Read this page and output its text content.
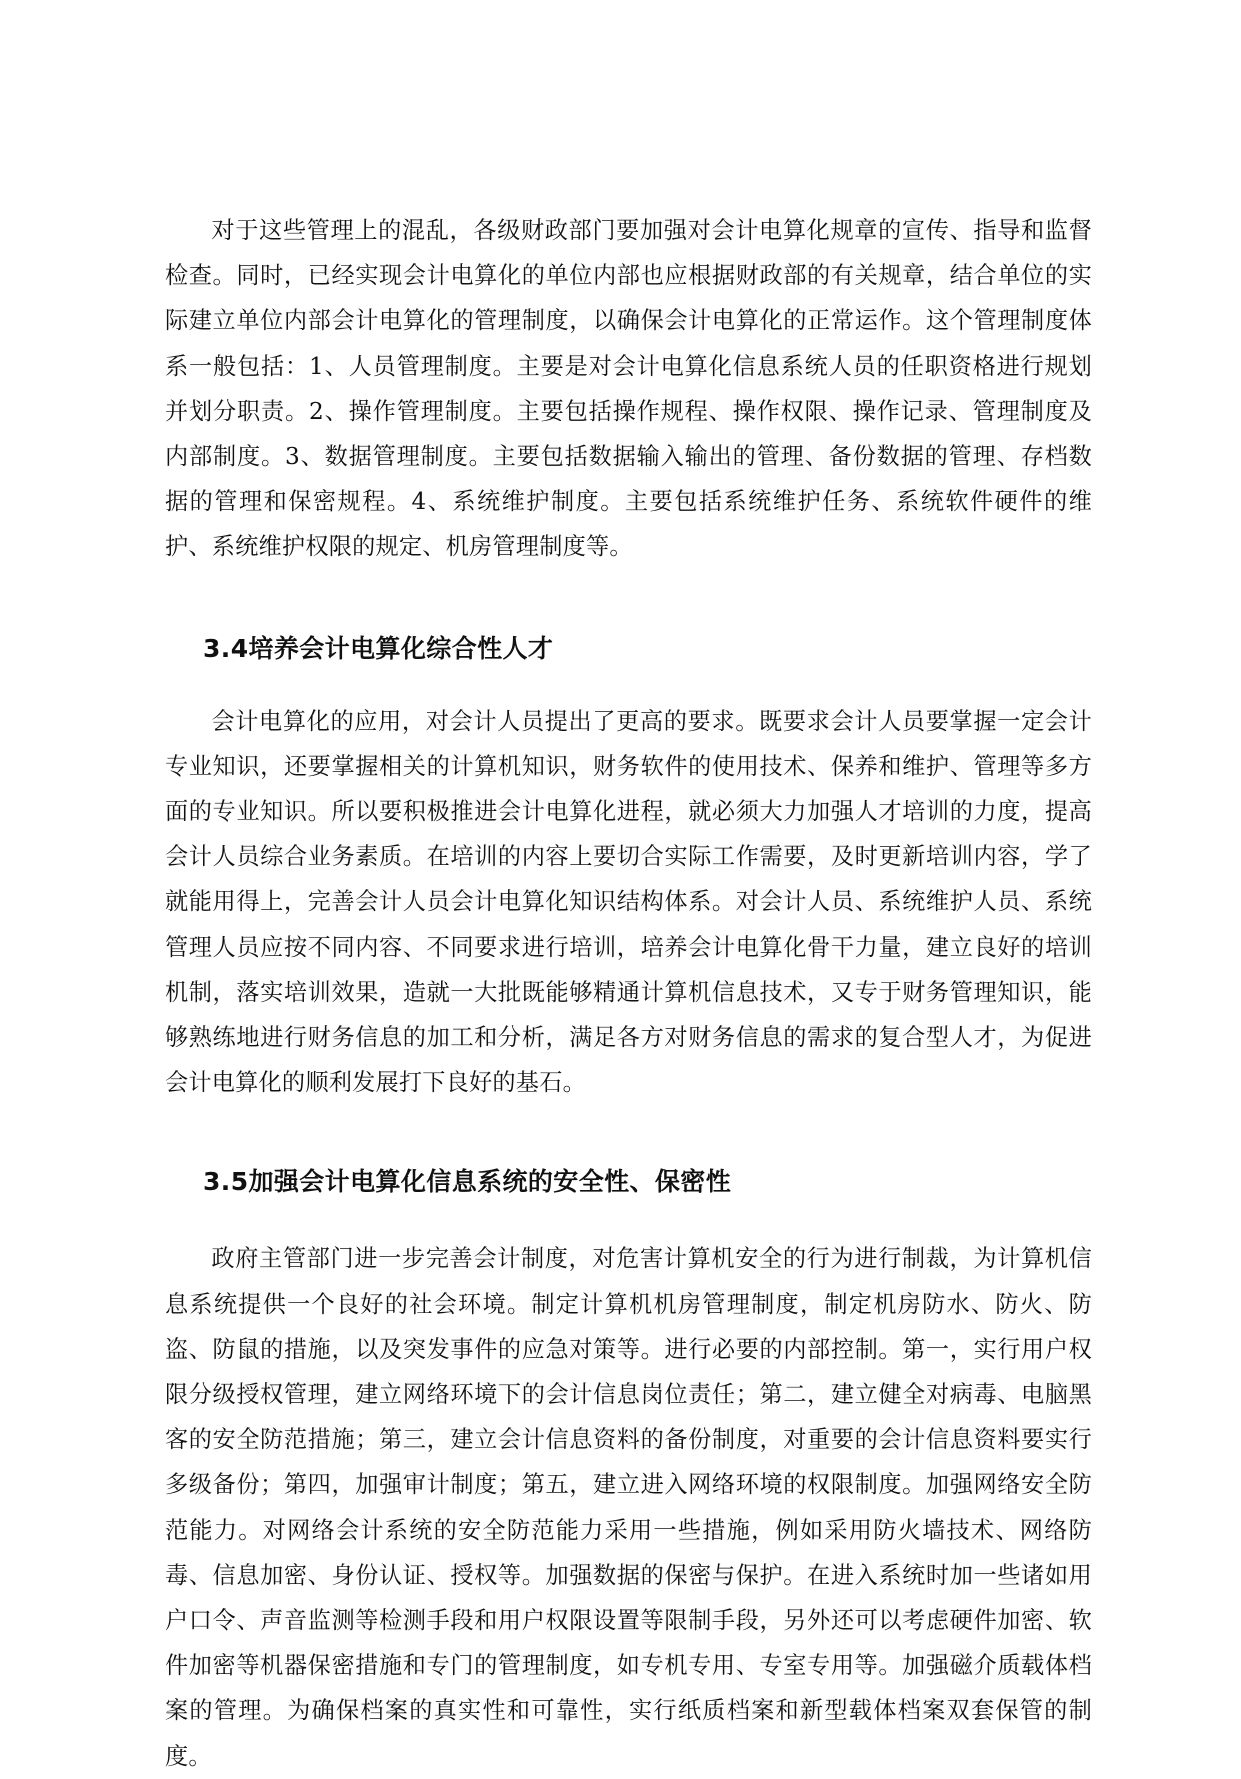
对于这些管理上的混乱，各级财政部门要加强对会计电算化规章的宣传、指导和监督检查。同时，已经实现会计电算化的单位内部也应根据财政部的有关规章，结合单位的实际建立单位内部会计电算化的管理制度，以确保会计电算化的正常运作。这个管理制度体系一般包括：1、人员管理制度。主要是对会计电算化信息系统人员的任职资格进行规划并划分职责。2、操作管理制度。主要包括操作规程、操作权限、操作记录、管理制度及内部制度。3、数据管理制度。主要包括数据输入输出的管理、备份数据的管理、存档数据的管理和保密规程。4、系统维护制度。主要包括系统维护任务、系统软件硬件的维护、系统维护权限的规定、机房管理制度等。

3.4培养会计电算化综合性人才

会计电算化的应用，对会计人员提出了更高的要求。既要求会计人员要掌握一定会计专业知识，还要掌握相关的计算机知识，财务软件的使用技术、保养和维护、管理等多方面的专业知识。所以要积极推进会计电算化进程，就必须大力加强人才培训的力度，提高会计人员综合业务素质。在培训的内容上要切合实际工作需要，及时更新培训内容，学了就能用得上，完善会计人员会计电算化知识结构体系。对会计人员、系统维护人员、系统管理人员应按不同内容、不同要求进行培训，培养会计电算化骨干力量，建立良好的培训机制，落实培训效果，造就一大批既能够精通计算机信息技术，又专于财务管理知识，能够熟练地进行财务信息的加工和分析，满足各方对财务信息的需求的复合型人才，为促进会计电算化的顺利发展打下良好的基石。

3.5加强会计电算化信息系统的安全性、保密性

政府主管部门进一步完善会计制度，对危害计算机安全的行为进行制裁，为计算机信息系统提供一个良好的社会环境。制定计算机机房管理制度，制定机房防水、防火、防盗、防鼠的措施，以及突发事件的应急对策等。进行必要的内部控制。第一，实行用户权限分级授权管理，建立网络环境下的会计信息岗位责任；第二，建立健全对病毒、电脑黑客的安全防范措施；第三，建立会计信息资料的备份制度，对重要的会计信息资料要实行多级备份；第四，加强审计制度；第五，建立进入网络环境的权限制度。加强网络安全防范能力。对网络会计系统的安全防范能力采用一些措施，例如采用防火墙技术、网络防毒、信息加密、身份认证、授权等。加强数据的保密与保护。在进入系统时加一些诸如用户口令、声音监测等检测手段和用户权限设置等限制手段，另外还可以考虑硬件加密、软件加密等机器保密措施和专门的管理制度，如专机专用、专室专用等。加强磁介质载体档案的管理。为确保档案的真实性和可靠性，实行纸质档案和新型载体档案双套保管的制度。
